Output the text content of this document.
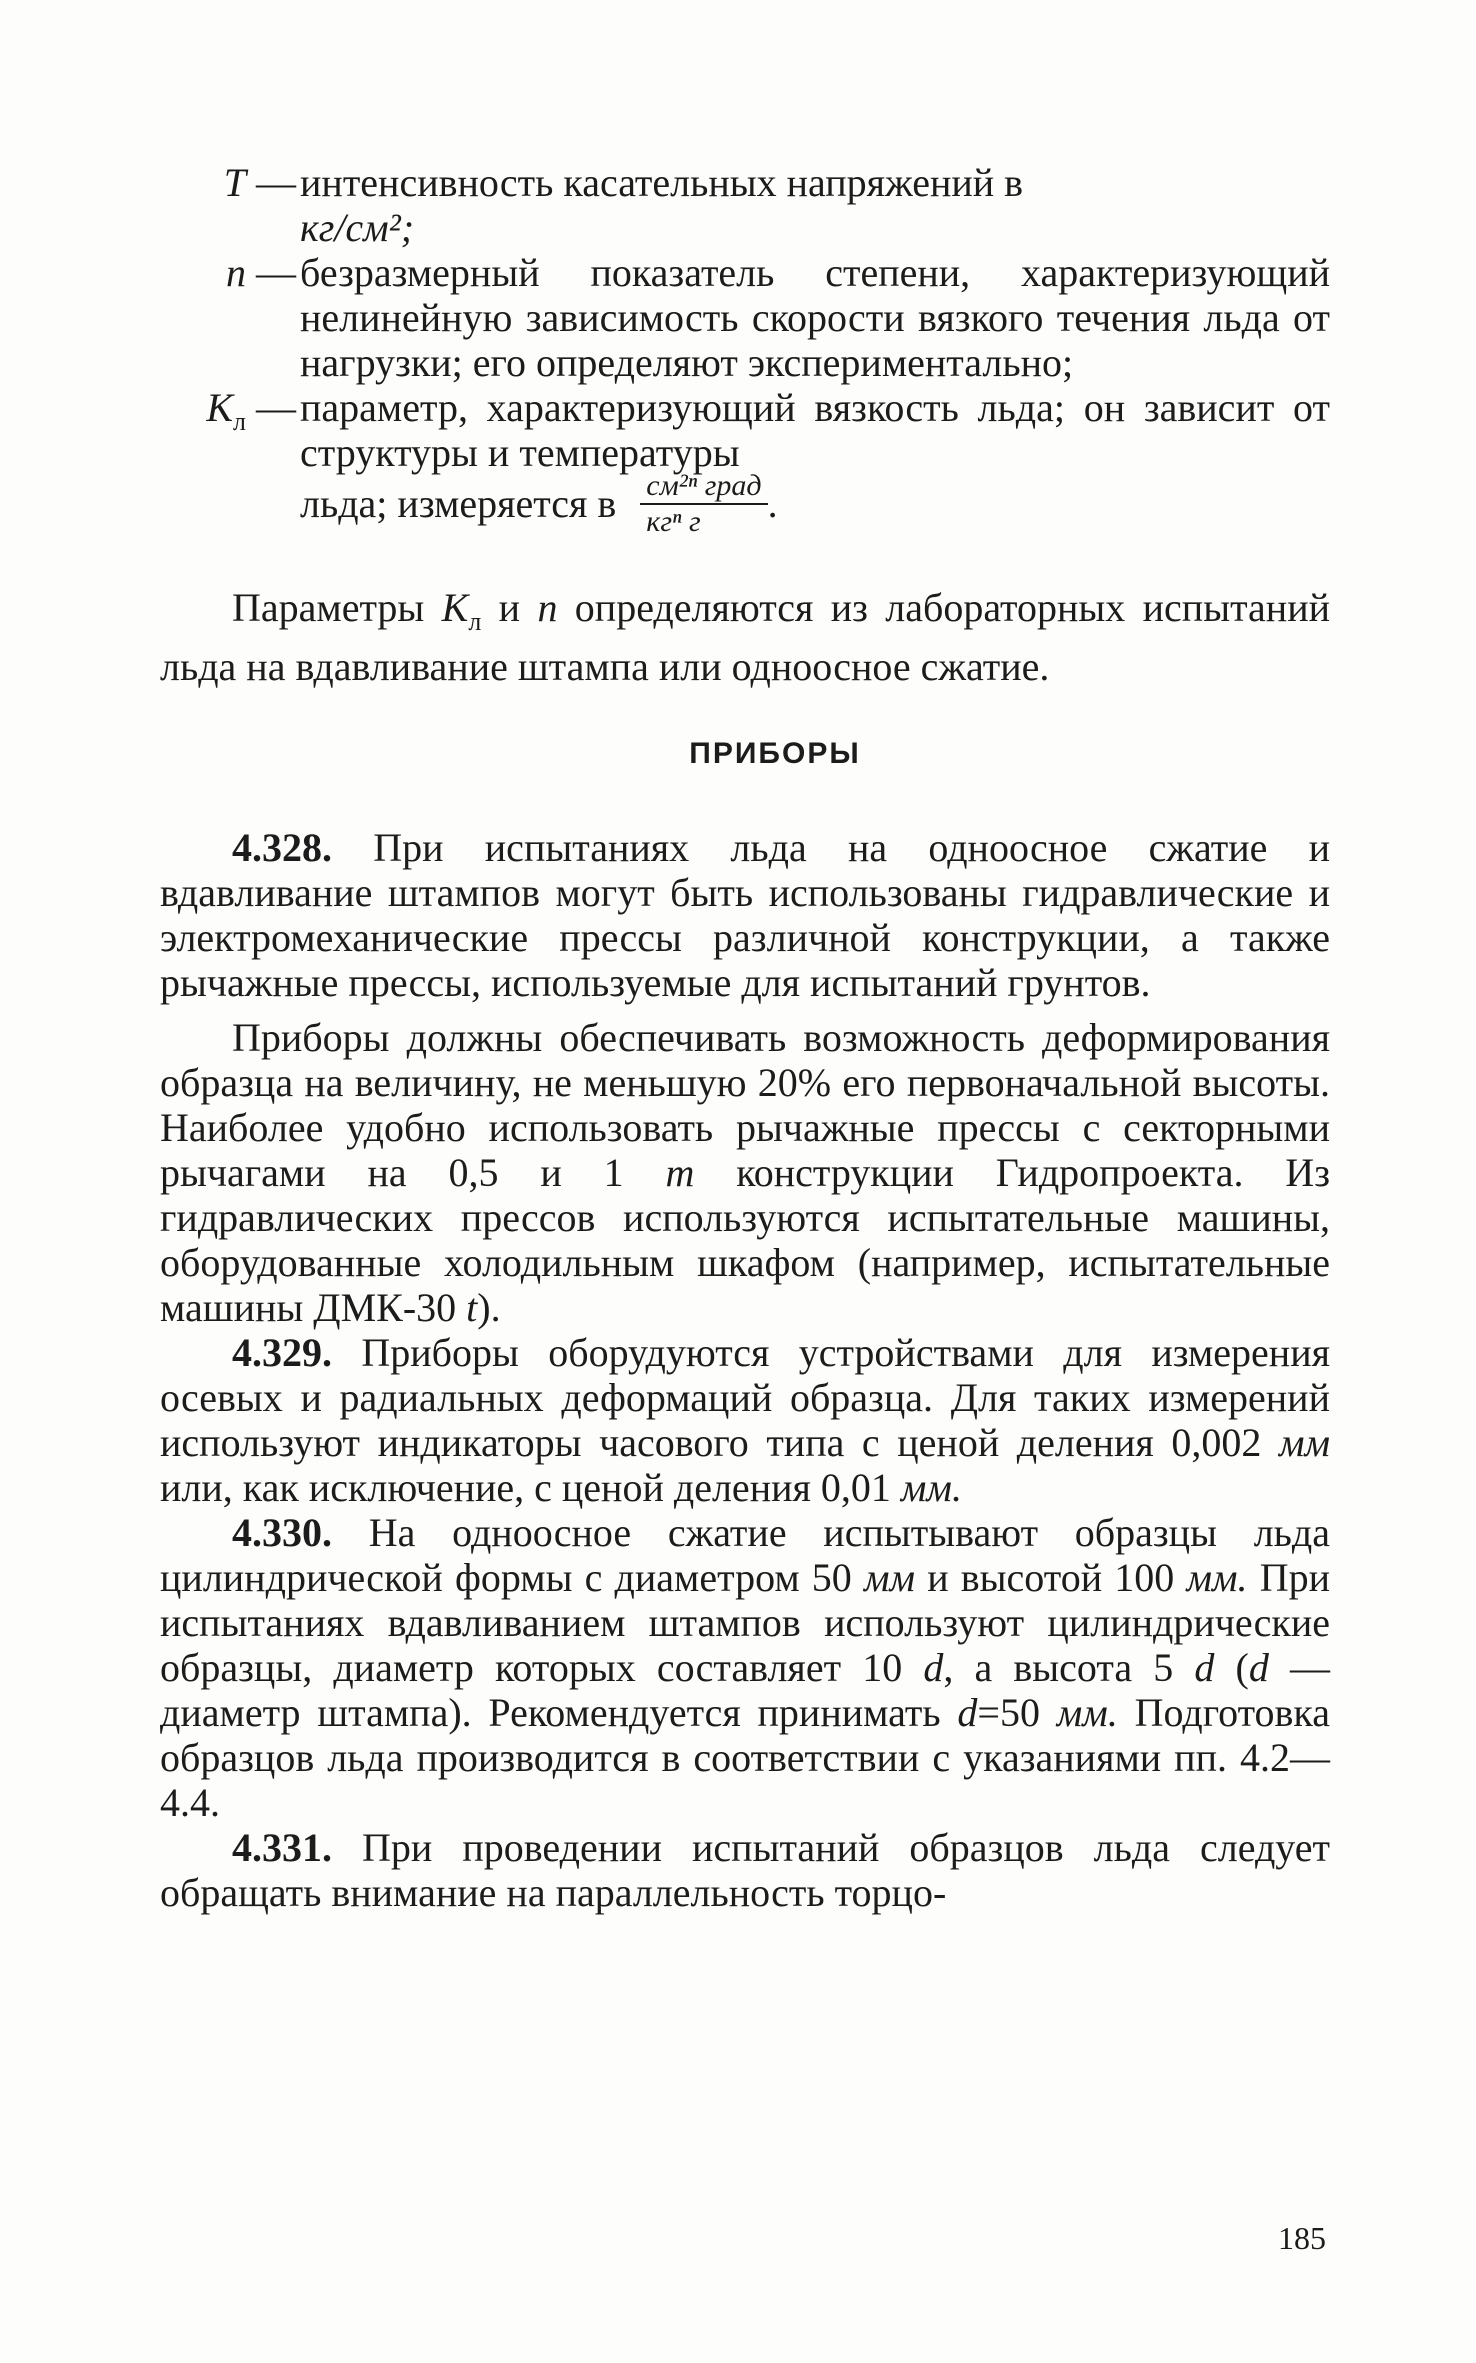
T — интенсивность касательных напряжений в
кг/см²;
n — безразмерный показатель степени, характеризующий нелинейную зависимость скорости вязкого течения льда от нагрузки; его определяют экспериментально;
$K_л$ — параметр, характеризующий вязкость льда; он зависит от структуры и температуры
льда; измеряется в $\frac{\text{см²ⁿ град}}{\text{кгⁿ г}}$ .

Параметры $K_л$ и n определяются из лабораторных испытаний льда на вдавливание штампа или одноосное сжатие.

ПРИБОРЫ

4.328. При испытаниях льда на одноосное сжатие и вдавливание штампов могут быть использованы гидравлические и электромеханические прессы различной конструкции, а также рычажные прессы, используемые для испытаний грунтов.

Приборы должны обеспечивать возможность деформирования образца на величину, не меньшую 20% его первоначальной высоты. Наиболее удобно использовать рычажные прессы с секторными рычагами на 0,5 и 1 т конструкции Гидропроекта. Из гидравлических прессов используются испытательные машины, оборудованные холодильным шкафом (например, испытательные машины ДМК-30 t).

4.329. Приборы оборудуются устройствами для измерения осевых и радиальных деформаций образца. Для таких измерений используют индикаторы часового типа с ценой деления 0,002 мм или, как исключение, с ценой деления 0,01 мм.

4.330. На одноосное сжатие испытывают образцы льда цилиндрической формы с диаметром 50 мм и высотой 100 мм. При испытаниях вдавливанием штампов используют цилиндрические образцы, диаметр которых составляет 10 d, а высота 5 d (d — диаметр штампа). Рекомендуется принимать d=50 мм. Подготовка образцов льда производится в соответствии с указаниями пп. 4.2—4.4.

4.331. При проведении испытаний образцов льда следует обращать внимание на параллельность торцо-

185
